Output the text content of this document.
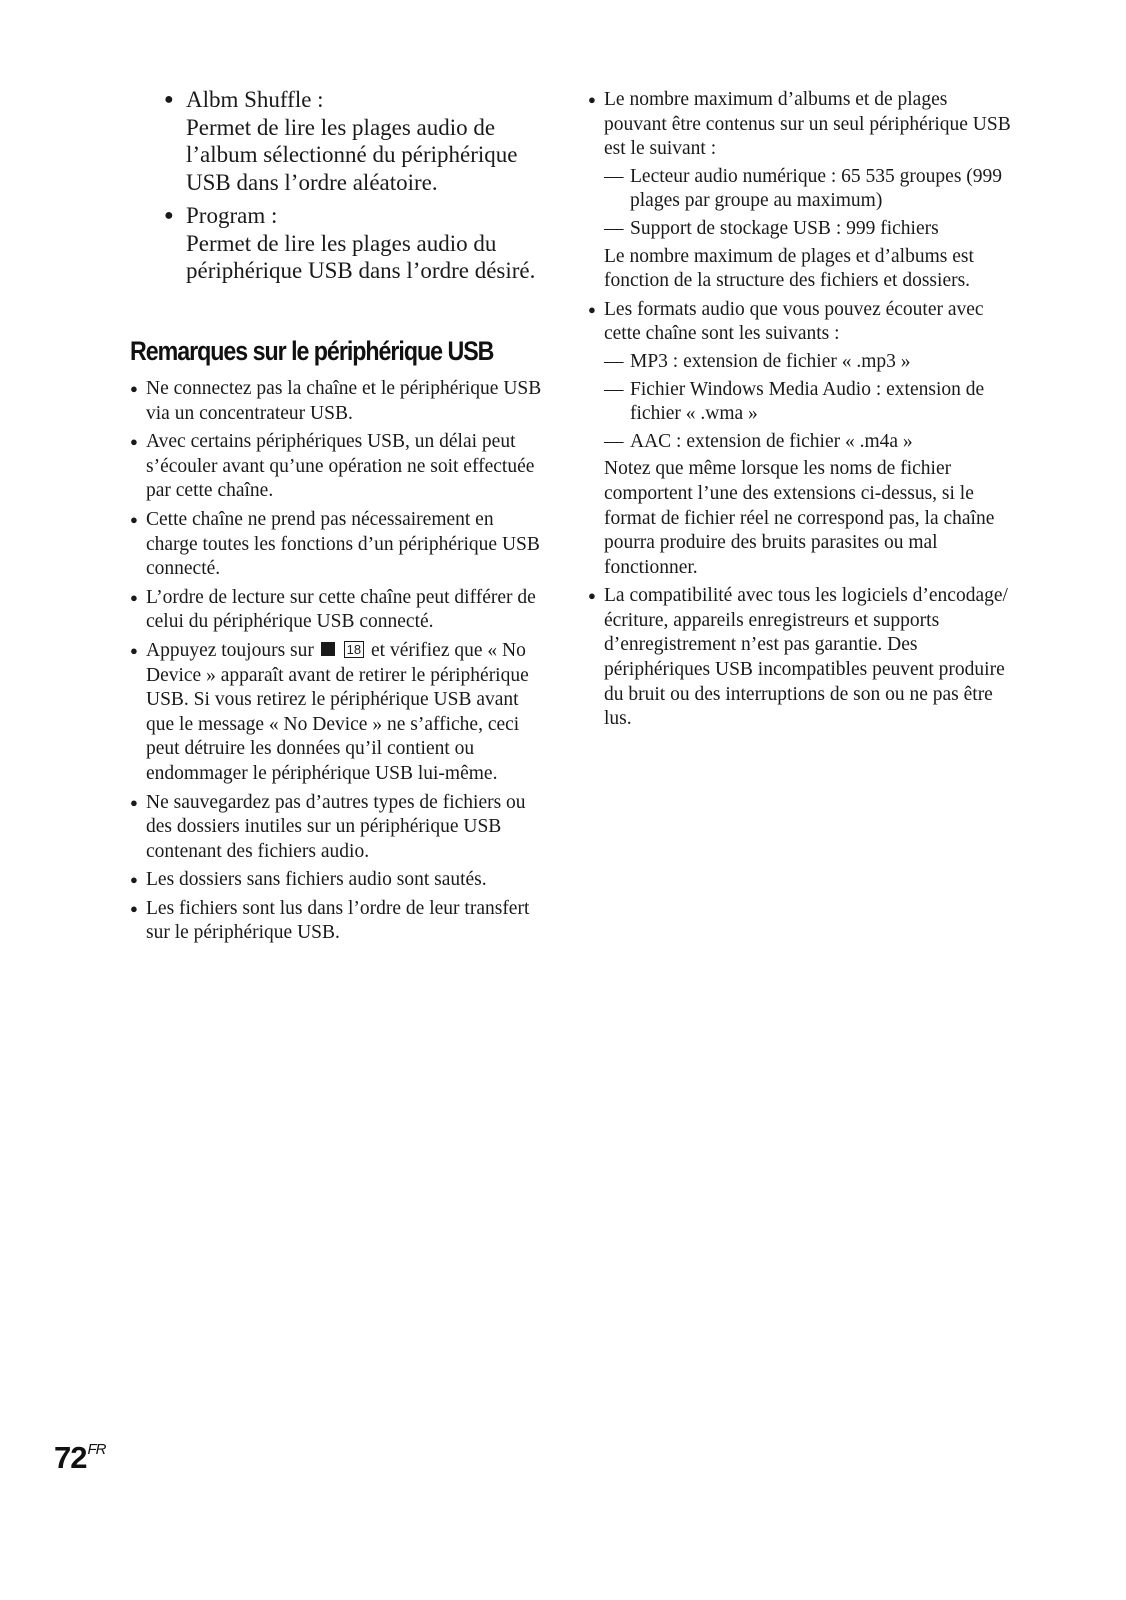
● Albm Shuffle :
Permet de lire les plages audio de l’album sélectionné du périphérique USB dans l’ordre aléatoire.
● Program :
Permet de lire les plages audio du périphérique USB dans l’ordre désiré.
Remarques sur le périphérique USB
● Ne connectez pas la chaîne et le périphérique USB via un concentrateur USB.
● Avec certains périphériques USB, un délai peut s’écouler avant qu’une opération ne soit effectuée par cette chaîne.
● Cette chaîne ne prend pas nécessairement en charge toutes les fonctions d’un périphérique USB connecté.
● L’ordre de lecture sur cette chaîne peut différer de celui du périphérique USB connecté.
● Appuyez toujours sur	18 et vérifiez que « No Device » apparaît avant de retirer le périphérique USB. Si vous retirez le périphérique USB avant que le message « No Device » ne s’affiche, ceci peut détruire les données qu’il contient ou endommager le périphérique USB lui-même.
● Ne sauvegardez pas d’autres types de fichiers ou des dossiers inutiles sur un périphérique USB contenant des fichiers audio.
● Les dossiers sans fichiers audio sont sautés.
● Les fichiers sont lus dans l’ordre de leur transfert sur le périphérique USB.
● Le nombre maximum d’albums et de plages pouvant être contenus sur un seul périphérique USB est le suivant :
— Lecteur audio numérique : 65 535 groupes (999 plages par groupe au maximum)
— Support de stockage USB : 999 fichiers
Le nombre maximum de plages et d’albums est fonction de la structure des fichiers et dossiers.
● Les formats audio que vous pouvez écouter avec cette chaîne sont les suivants :
— MP3 : extension de fichier « .mp3 »
— Fichier Windows Media Audio : extension de fichier « .wma »
— AAC : extension de fichier « .m4a »
Notez que même lorsque les noms de fichier comportent l’une des extensions ci-dessus, si le format de fichier réel ne correspond pas, la chaîne pourra produire des bruits parasites ou mal fonctionner.
● La compatibilité avec tous les logiciels d’encodage/écriture, appareils enregistreurs et supports d’enregistrement n’est pas garantie. Des périphériques USB incompatibles peuvent produire du bruit ou des interruptions de son ou ne pas être lus.
$72^{FR}$
